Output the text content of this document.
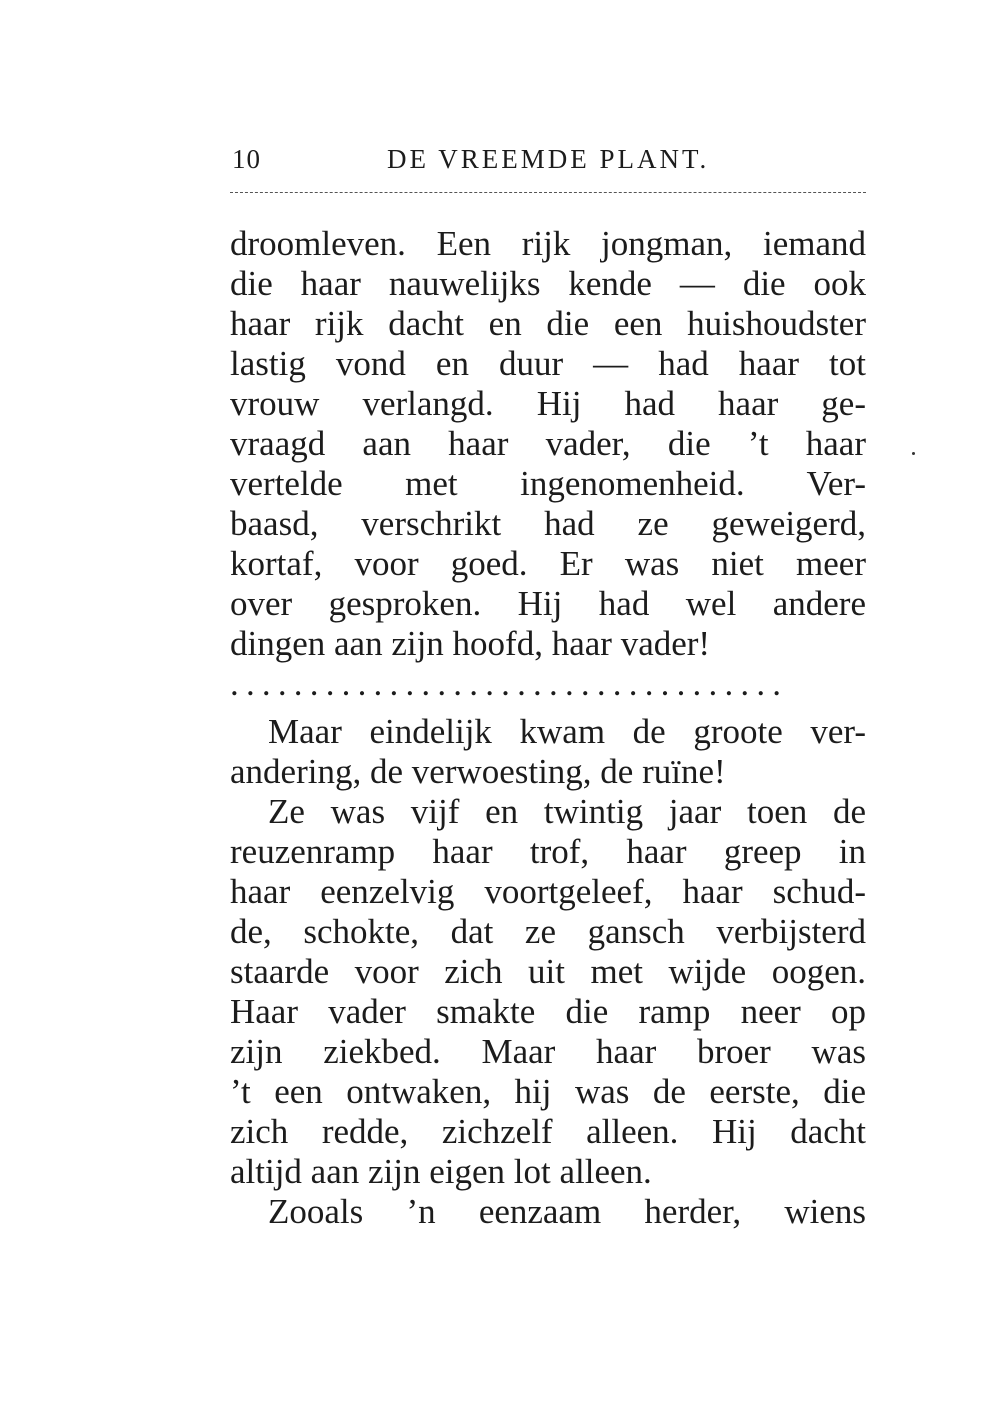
10	DE VREEMDE PLANT.
droomleven. Een rijk jongman, iemand
die haar nauwelijks kende — die ook
haar rijk dacht en die een huishoudster
lastig vond en duur — had haar tot
vrouw verlangd. Hij had haar ge-
vraagd aan haar vader, die ’t haar
vertelde met ingenomenheid. Ver-
baasd, verschrikt had ze geweigerd,
kortaf, voor goed. Er was niet meer
over gesproken. Hij had wel andere
dingen aan zijn hoofd, haar vader!
...................................
Maar eindelijk kwam de groote ver-
andering, de verwoesting, de ruïne!
Ze was vijf en twintig jaar toen de
reuzenramp haar trof, haar greep in
haar eenzelvig voortgeleef, haar schud-
de, schokte, dat ze gansch verbijsterd
staarde voor zich uit met wijde oogen.
Haar vader smakte die ramp neer op
zijn ziekbed. Maar haar broer was
’t een ontwaken, hij was de eerste, die
zich redde, zichzelf alleen. Hij dacht
altijd aan zijn eigen lot alleen.
Zooals ’n eenzaam herder, wiens
